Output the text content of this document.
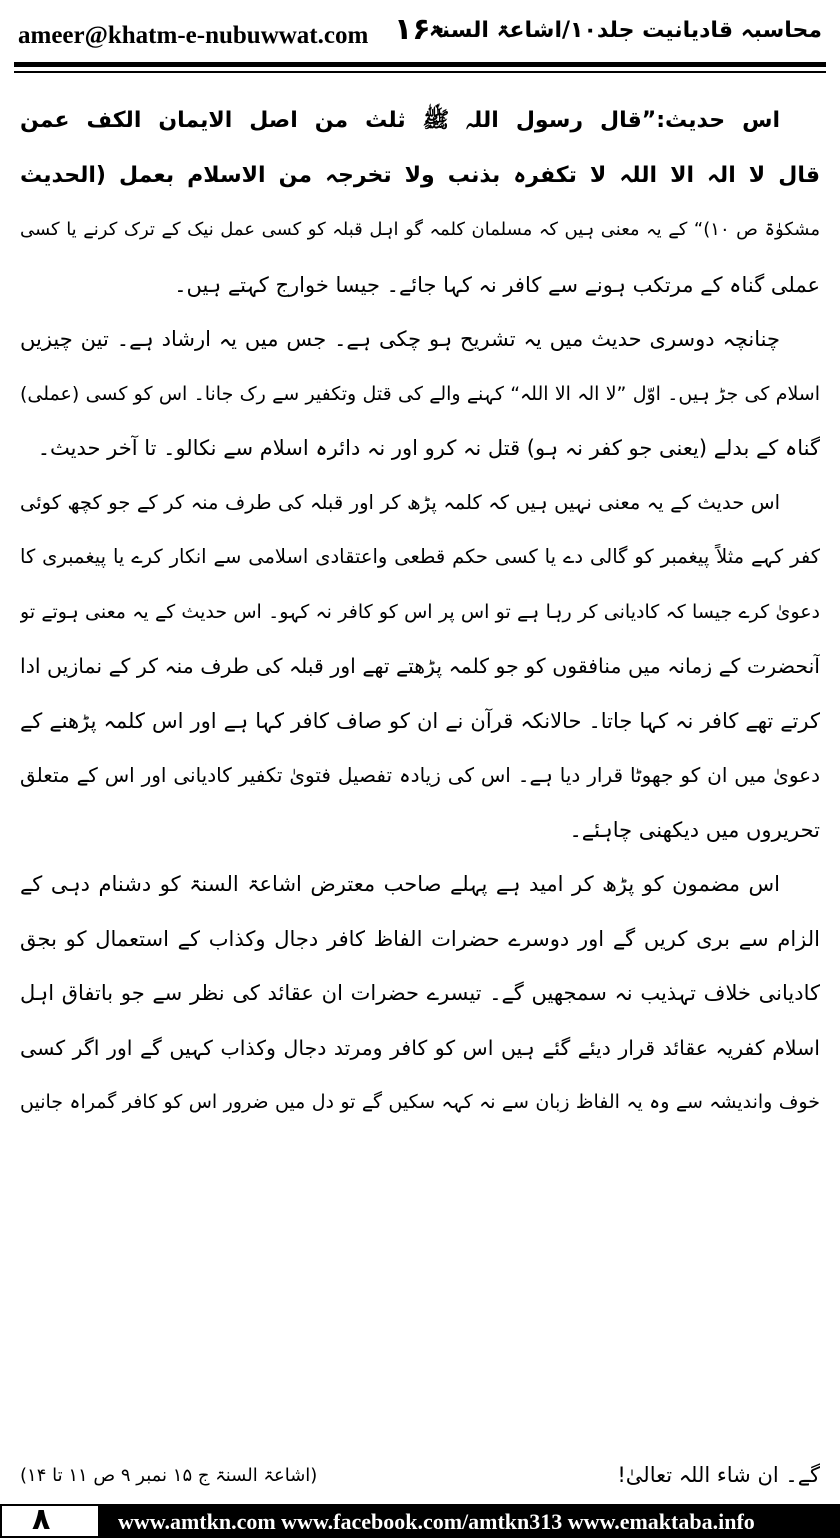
ameer@khatm-e-nubuwwat.com ۱۶۰
محاسبہ قادیانیت جلد۱۰/اشاعۃ السنۃ
اس حدیث:”قال رسول اللہ ﷺ ثلث من اصل الایمان الکف عمن
قال لا الہ الا اللہ لا تکفرہ بذنب ولا تخرجہ من الاسلام بعمل (الحدیث
مشکوٰۃ ص ۱۰)“ کے یہ معنی ہیں کہ مسلمان کلمہ گو اہل قبلہ کو کسی عمل نیک کے ترک کرنے یا کسی
عملی گناہ کے مرتکب ہونے سے کافر نہ کہا جائے۔ جیسا خوارج کہتے ہیں۔
چنانچہ دوسری حدیث میں یہ تشریح ہو چکی ہے۔ جس میں یہ ارشاد ہے۔ تین چیزیں
اسلام کی جڑ ہیں۔ اوّل ”لا الہ الا اللہ“ کہنے والے کی قتل وتکفیر سے رک جانا۔ اس کو کسی (عملی)
گناہ کے بدلے (یعنی جو کفر نہ ہو) قتل نہ کرو اور نہ دائرہ اسلام سے نکالو۔ تا آخر حدیث۔
اس حدیث کے یہ معنی نہیں ہیں کہ کلمہ پڑھ کر اور قبلہ کی طرف منہ کر کے جو کچھ کوئی
کفر کہے مثلاً پیغمبر کو گالی دے یا کسی حکم قطعی واعتقادی اسلامی سے انکار کرے یا پیغمبری کا
دعویٰ کرے جیسا کہ کادیانی کر رہا ہے تو اس پر اس کو کافر نہ کہو۔ اس حدیث کے یہ معنی ہوتے تو
آنحضرت کے زمانہ میں منافقوں کو جو کلمہ پڑھتے تھے اور قبلہ کی طرف منہ کر کے نمازیں ادا
کرتے تھے کافر نہ کہا جاتا۔ حالانکہ قرآن نے ان کو صاف کافر کہا ہے اور اس کلمہ پڑھنے کے
دعویٰ میں ان کو جھوٹا قرار دیا ہے۔ اس کی زیادہ تفصیل فتویٰ تکفیر کادیانی اور اس کے متعلق
تحریروں میں دیکھنی چاہئے۔
اس مضمون کو پڑھ کر امید ہے پہلے صاحب معترض اشاعۃ السنۃ کو دشنام دہی کے
الزام سے بری کریں گے اور دوسرے حضرات الفاظ کافر دجال وکذاب کے استعمال کو بجق
کادیانی خلاف تہذیب نہ سمجھیں گے۔ تیسرے حضرات ان عقائد کی نظر سے جو باتفاق اہل
اسلام کفریہ عقائد قرار دیئے گئے ہیں اس کو کافر ومرتد دجال وکذاب کہیں گے اور اگر کسی
خوف واندیشہ سے وہ یہ الفاظ زبان سے نہ کہہ سکیں گے تو دل میں ضرور اس کو کافر گمراہ جانیں
گے۔ ان شاء اللہ تعالیٰ!
(اشاعۃ السنۃ ج ۱۵ نمبر ۹ ص ۱۱ تا ۱۴)
۸	www.amtkn.com www.facebook.com/amtkn313 www.emaktaba.info
